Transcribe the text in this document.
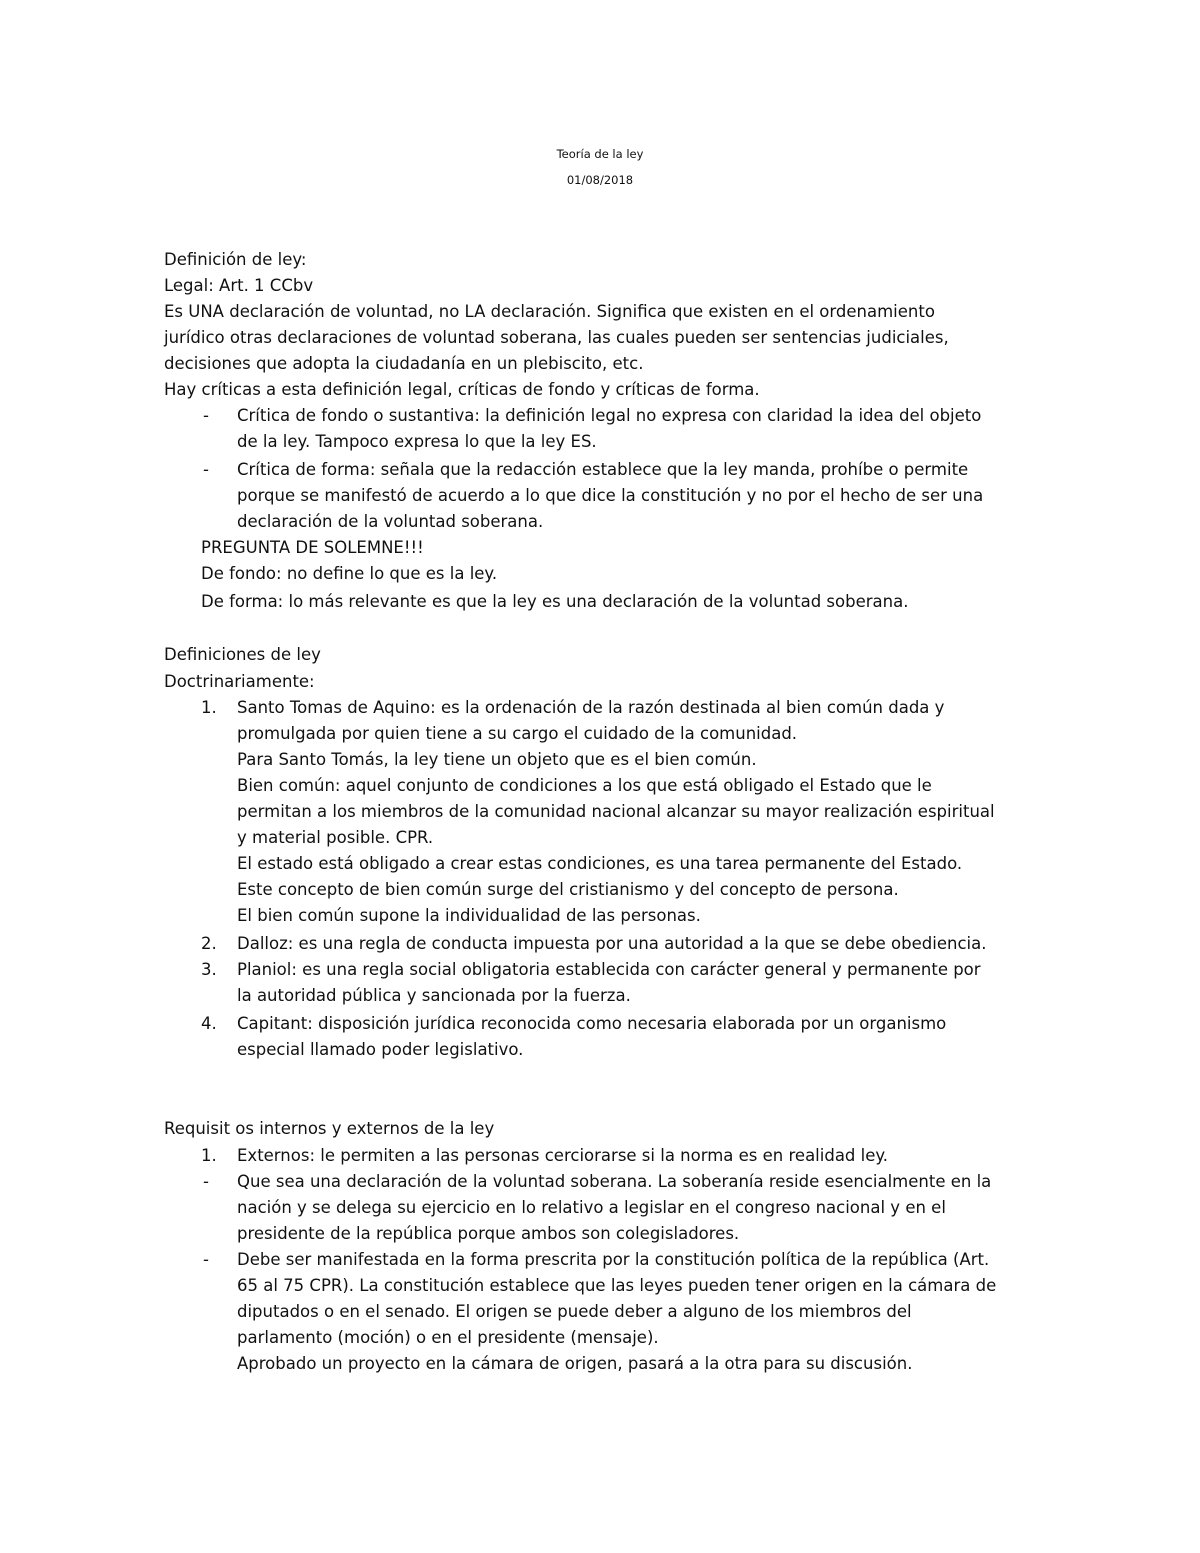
Teoría de la ley
01/08/2018
Definición de ley:
Legal: Art. 1 CCbv
Es UNA declaración de voluntad, no LA declaración. Significa que existen en el ordenamiento
jurídico otras declaraciones de voluntad soberana, las cuales pueden ser sentencias judiciales,
decisiones que adopta la ciudadanía en un plebiscito, etc.
Hay críticas a esta definición legal, críticas de fondo y críticas de forma.
- Crítica de fondo o sustantiva: la definición legal no expresa con claridad la idea del objeto
de la ley. Tampoco expresa lo que la ley ES.
- Crítica de forma: señala que la redacción establece que la ley manda, prohíbe o permite
porque se manifestó de acuerdo a lo que dice la constitución y no por el hecho de ser una
declaración de la voluntad soberana.
PREGUNTA DE SOLEMNE!!!
De fondo: no define lo que es la ley.
De forma: lo más relevante es que la ley es una declaración de la voluntad soberana.
Definiciones de ley
Doctrinariamente:
1. Santo Tomas de Aquino: es la ordenación de la razón destinada al bien común dada y
promulgada por quien tiene a su cargo el cuidado de la comunidad.
Para Santo Tomás, la ley tiene un objeto que es el bien común.
Bien común: aquel conjunto de condiciones a los que está obligado el Estado que le
permitan a los miembros de la comunidad nacional alcanzar su mayor realización espiritual
y material posible. CPR.
El estado está obligado a crear estas condiciones, es una tarea permanente del Estado.
Este concepto de bien común surge del cristianismo y del concepto de persona.
El bien común supone la individualidad de las personas.
2. Dalloz: es una regla de conducta impuesta por una autoridad a la que se debe obediencia.
3. Planiol: es una regla social obligatoria establecida con carácter general y permanente por
la autoridad pública y sancionada por la fuerza.
4. Capitant: disposición jurídica reconocida como necesaria elaborada por un organismo
especial llamado poder legislativo.
Requisit os internos y externos de la ley
1. Externos: le permiten a las personas cerciorarse si la norma es en realidad ley.
- Que sea una declaración de la voluntad soberana. La soberanía reside esencialmente en la
nación y se delega su ejercicio en lo relativo a legislar en el congreso nacional y en el
presidente de la república porque ambos son colegisladores.
- Debe ser manifestada en la forma prescrita por la constitución política de la república (Art.
65 al 75 CPR). La constitución establece que las leyes pueden tener origen en la cámara de
diputados o en el senado. El origen se puede deber a alguno de los miembros del
parlamento (moción) o en el presidente (mensaje).
Aprobado un proyecto en la cámara de origen, pasará a la otra para su discusión.
